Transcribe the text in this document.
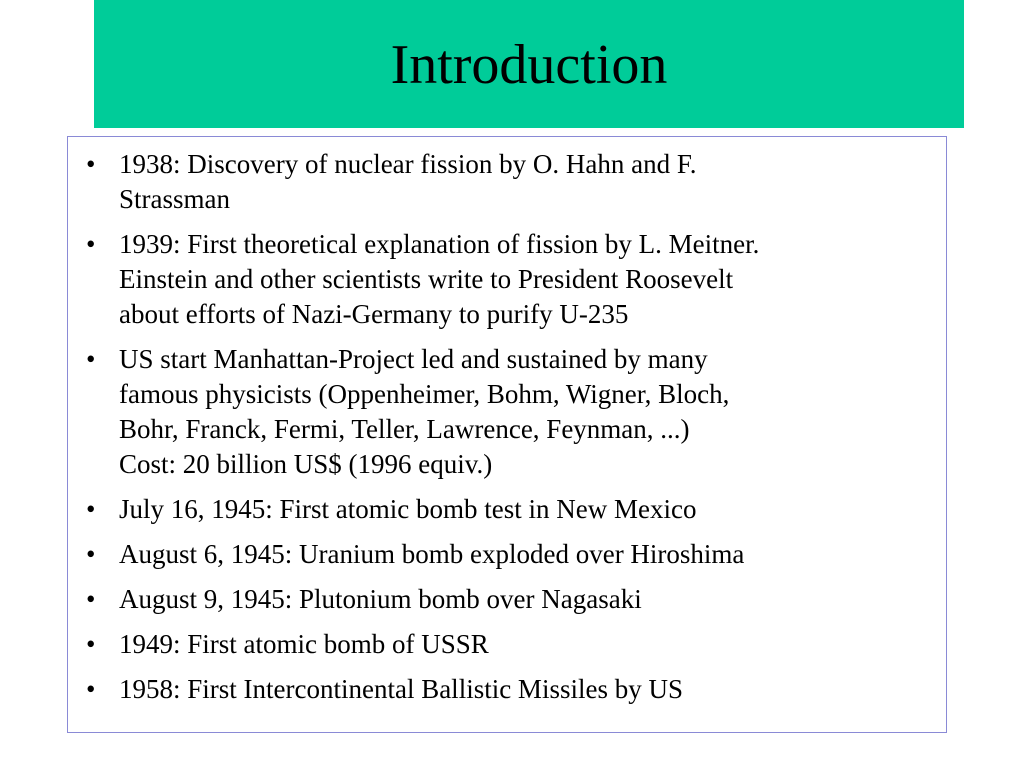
Introduction
• 1938: Discovery of nuclear fission by O. Hahn and F.
Strassman
• 1939: First theoretical explanation of fission by L. Meitner.
Einstein and other scientists write to President Roosevelt
about efforts of Nazi-Germany to purify U-235
• US start Manhattan-Project led and sustained by many
famous physicists (Oppenheimer, Bohm, Wigner, Bloch,
Bohr, Franck, Fermi, Teller, Lawrence, Feynman, ...)
Cost: 20 billion US$ (1996 equiv.)
• July 16, 1945: First atomic bomb test in New Mexico
• August 6, 1945: Uranium bomb exploded over Hiroshima
• August 9, 1945: Plutonium bomb over Nagasaki
• 1949: First atomic bomb of USSR
• 1958: First Intercontinental Ballistic Missiles by US
